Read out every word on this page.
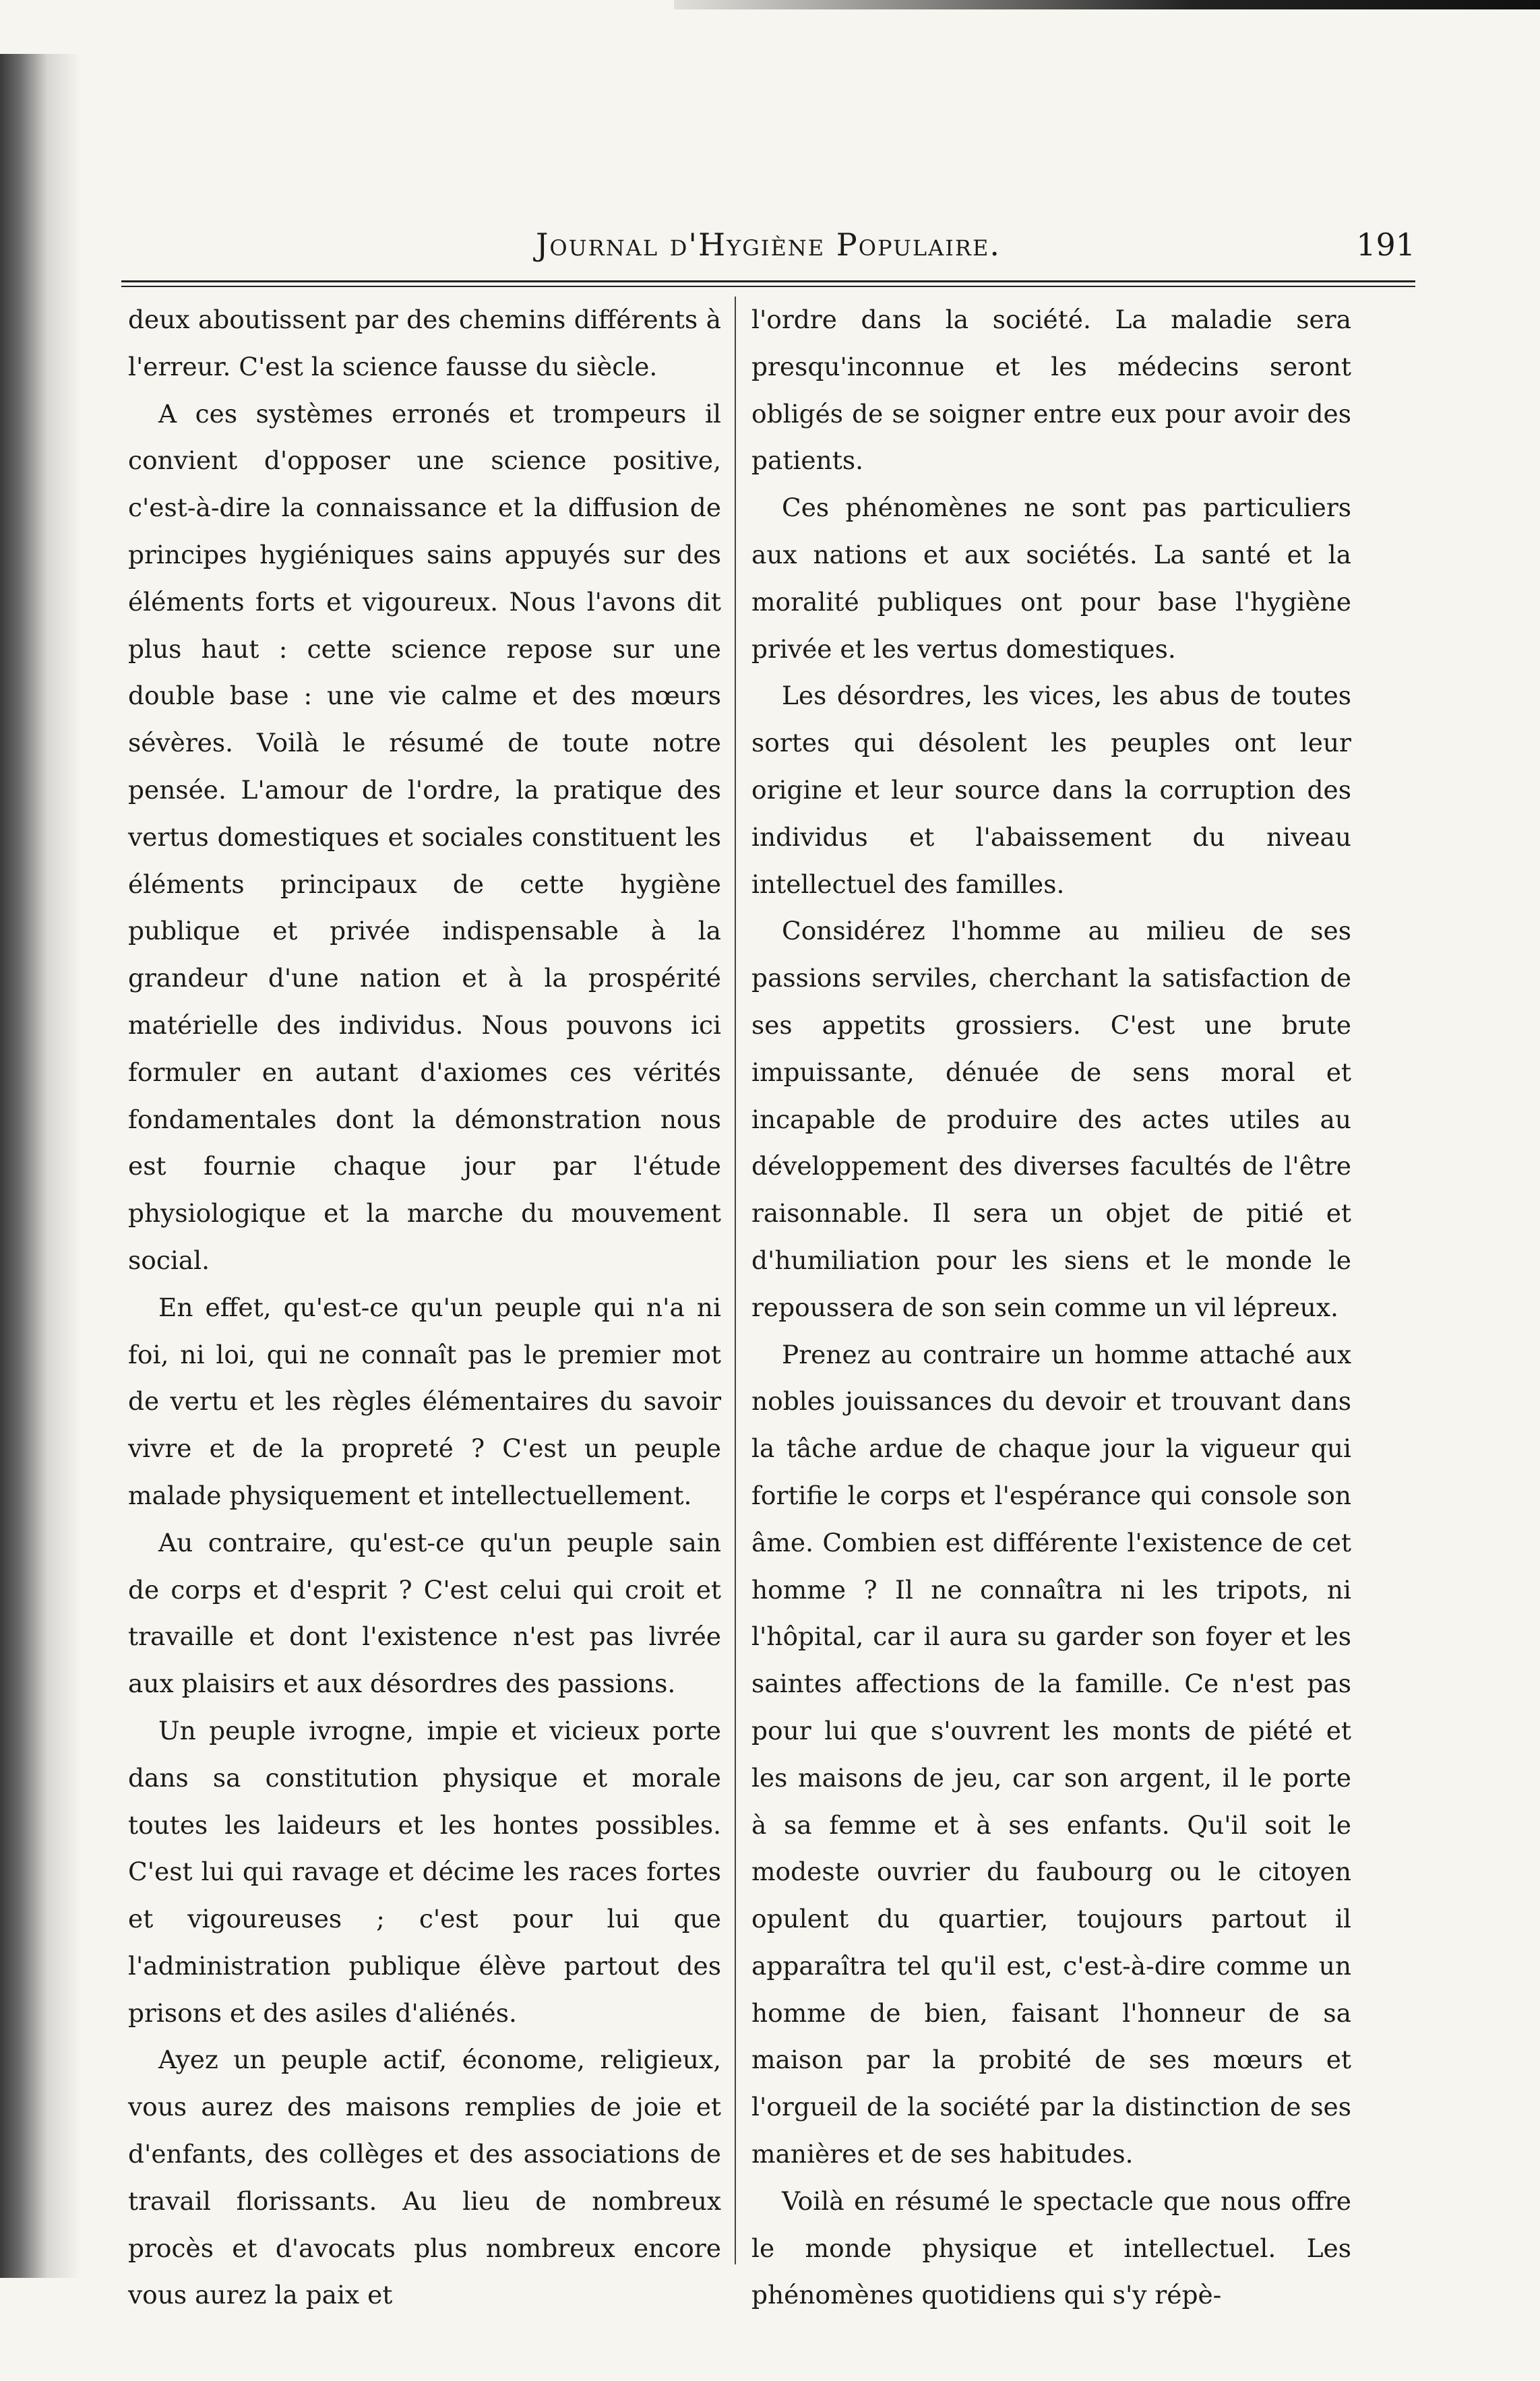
Journal d'Hygiène Populaire.	191

deux aboutissent par des chemins différents à l'erreur. C'est la science fausse du siècle.

A ces systèmes erronés et trompeurs il convient d'opposer une science positive, c'est-à-dire la connaissance et la diffusion de principes hygiéniques sains appuyés sur des éléments forts et vigoureux. Nous l'avons dit plus haut : cette science repose sur une double base : une vie calme et des mœurs sévères. Voilà le résumé de toute notre pensée. L'amour de l'ordre, la pratique des vertus domestiques et sociales constituent les éléments principaux de cette hygiène publique et privée indispensable à la grandeur d'une nation et à la prospérité matérielle des individus. Nous pouvons ici formuler en autant d'axiomes ces vérités fondamentales dont la démonstration nous est fournie chaque jour par l'étude physiologique et la marche du mouvement social.

En effet, qu'est-ce qu'un peuple qui n'a ni foi, ni loi, qui ne connaît pas le premier mot de vertu et les règles élémentaires du savoir vivre et de la propreté ? C'est un peuple malade physiquement et intellectuellement.

Au contraire, qu'est-ce qu'un peuple sain de corps et d'esprit ? C'est celui qui croit et travaille et dont l'existence n'est pas livrée aux plaisirs et aux désordres des passions.

Un peuple ivrogne, impie et vicieux porte dans sa constitution physique et morale toutes les laideurs et les hontes possibles. C'est lui qui ravage et décime les races fortes et vigoureuses ; c'est pour lui que l'administration publique élève partout des prisons et des asiles d'aliénés.

Ayez un peuple actif, économe, religieux, vous aurez des maisons remplies de joie et d'enfants, des collèges et des associations de travail florissants. Au lieu de nombreux procès et d'avocats plus nombreux encore vous aurez la paix et

l'ordre dans la société. La maladie sera presqu'inconnue et les médecins seront obligés de se soigner entre eux pour avoir des patients.

Ces phénomènes ne sont pas particuliers aux nations et aux sociétés. La santé et la moralité publiques ont pour base l'hygiène privée et les vertus domestiques.

Les désordres, les vices, les abus de toutes sortes qui désolent les peuples ont leur origine et leur source dans la corruption des individus et l'abaissement du niveau intellectuel des familles.

Considérez l'homme au milieu de ses passions serviles, cherchant la satisfaction de ses appetits grossiers. C'est une brute impuissante, dénuée de sens moral et incapable de produire des actes utiles au développement des diverses facultés de l'être raisonnable. Il sera un objet de pitié et d'humiliation pour les siens et le monde le repoussera de son sein comme un vil lépreux.

Prenez au contraire un homme attaché aux nobles jouissances du devoir et trouvant dans la tâche ardue de chaque jour la vigueur qui fortifie le corps et l'espérance qui console son âme. Combien est différente l'existence de cet homme ? Il ne connaîtra ni les tripots, ni l'hôpital, car il aura su garder son foyer et les saintes affections de la famille. Ce n'est pas pour lui que s'ouvrent les monts de piété et les maisons de jeu, car son argent, il le porte à sa femme et à ses enfants. Qu'il soit le modeste ouvrier du faubourg ou le citoyen opulent du quartier, toujours partout il apparaîtra tel qu'il est, c'est-à-dire comme un homme de bien, faisant l'honneur de sa maison par la probité de ses mœurs et l'orgueil de la société par la distinction de ses manières et de ses habitudes.

Voilà en résumé le spectacle que nous offre le monde physique et intellectuel. Les phénomènes quotidiens qui s'y répè-
